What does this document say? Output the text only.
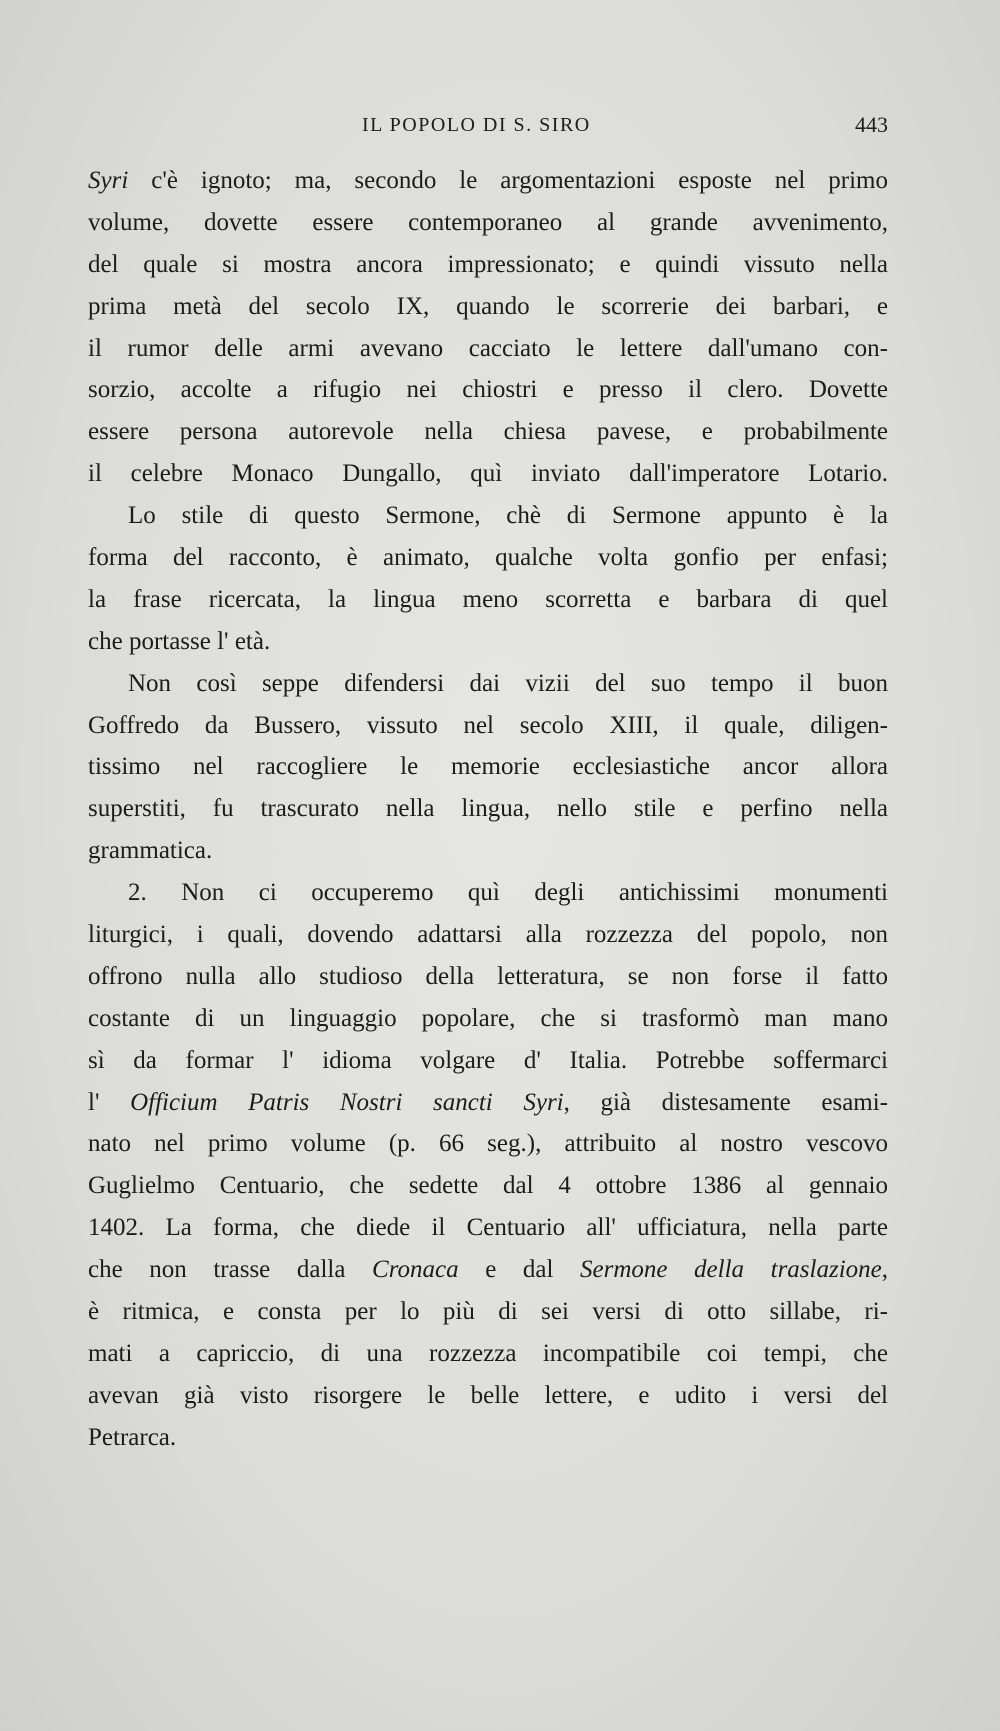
IL POPOLO DI S. SIRO	443
Syri c'è ignoto; ma, secondo le argomentazioni esposte nel primo
volume, dovette essere contemporaneo al grande avvenimento,
del quale si mostra ancora impressionato; e quindi vissuto nella
prima metà del secolo IX, quando le scorrerie dei barbari, e
il rumor delle armi avevano cacciato le lettere dall'umano con-
sorzio, accolte a rifugio nei chiostri e presso il clero. Dovette
essere persona autorevole nella chiesa pavese, e probabilmente
il celebre Monaco Dungallo, quì inviato dall'imperatore Lotario.
Lo stile di questo Sermone, chè di Sermone appunto è la
forma del racconto, è animato, qualche volta gonfio per enfasi;
la frase ricercata, la lingua meno scorretta e barbara di quel
che portasse l' età.
Non così seppe difendersi dai vizii del suo tempo il buon
Goffredo da Bussero, vissuto nel secolo XIII, il quale, diligen-
tissimo nel raccogliere le memorie ecclesiastiche ancor allora
superstiti, fu trascurato nella lingua, nello stile e perfino nella
grammatica.
2. Non ci occuperemo quì degli antichissimi monumenti
liturgici, i quali, dovendo adattarsi alla rozzezza del popolo, non
offrono nulla allo studioso della letteratura, se non forse il fatto
costante di un linguaggio popolare, che si trasformò man mano
sì da formar l' idioma volgare d' Italia. Potrebbe soffermarci
l' Officium Patris Nostri sancti Syri, già distesamente esami-
nato nel primo volume (p. 66 seg.), attribuito al nostro vescovo
Guglielmo Centuario, che sedette dal 4 ottobre 1386 al gennaio
1402. La forma, che diede il Centuario all' ufficiatura, nella parte
che non trasse dalla Cronaca e dal Sermone della traslazione,
è ritmica, e consta per lo più di sei versi di otto sillabe, ri-
mati a capriccio, di una rozzezza incompatibile coi tempi, che
avevan già visto risorgere le belle lettere, e udito i versi del
Petrarca.
